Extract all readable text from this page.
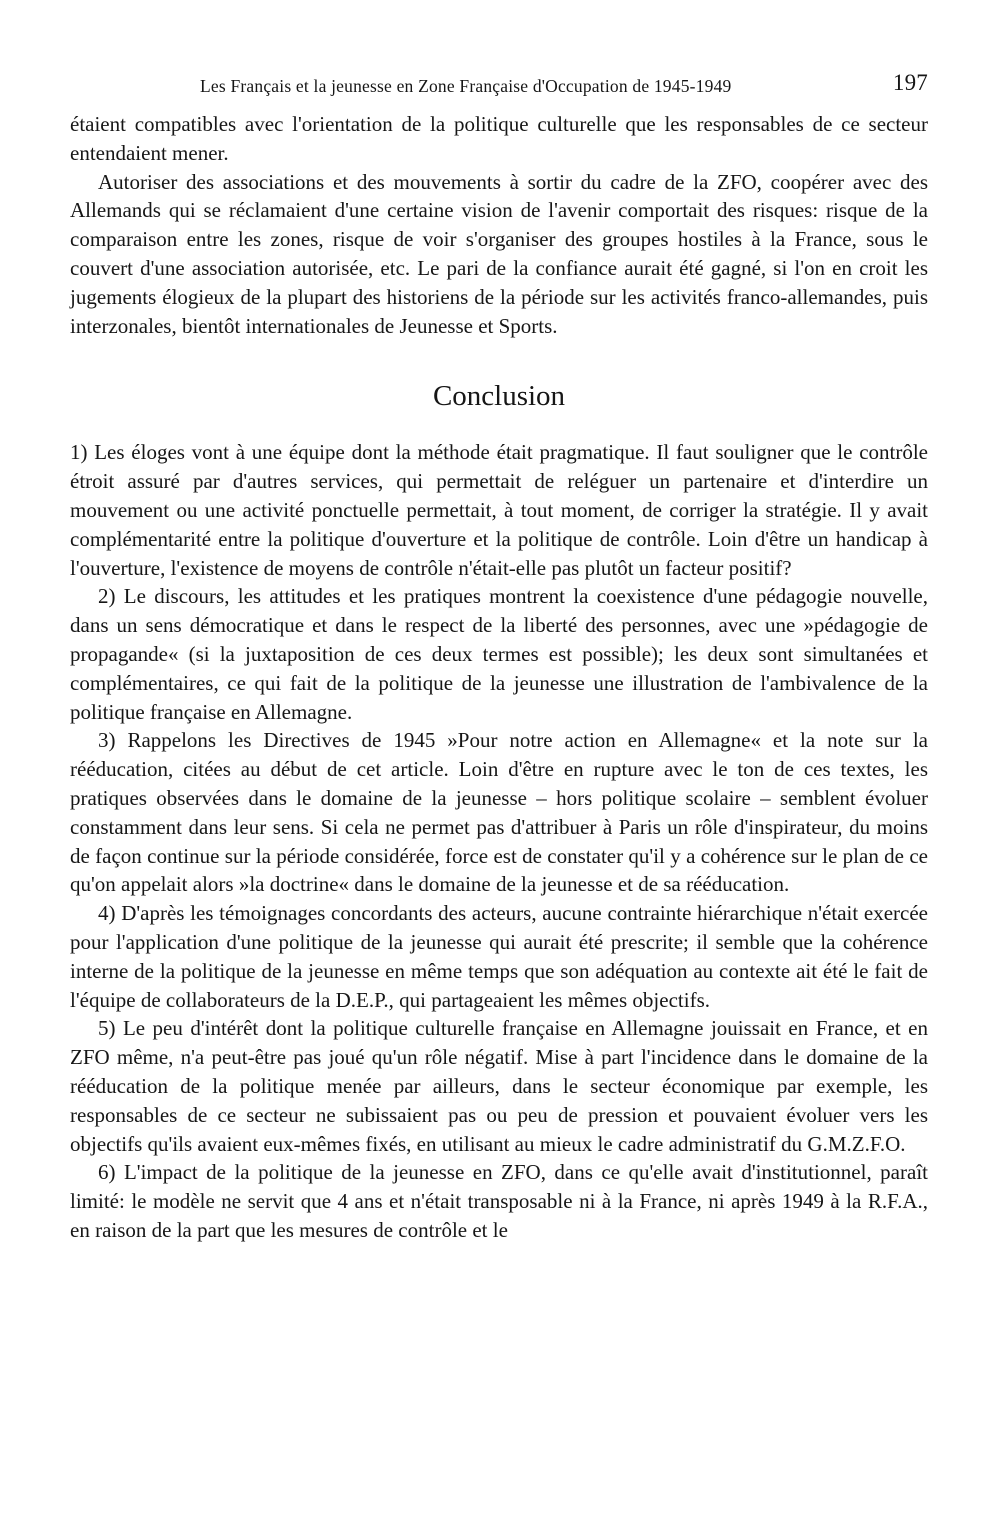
Les Français et la jeunesse en Zone Française d'Occupation de 1945-1949	197

étaient compatibles avec l'orientation de la politique culturelle que les responsables de ce secteur entendaient mener.

Autoriser des associations et des mouvements à sortir du cadre de la ZFO, coopérer avec des Allemands qui se réclamaient d'une certaine vision de l'avenir comportait des risques: risque de la comparaison entre les zones, risque de voir s'organiser des groupes hostiles à la France, sous le couvert d'une association autorisée, etc. Le pari de la confiance aurait été gagné, si l'on en croit les jugements élogieux de la plupart des historiens de la période sur les activités franco-allemandes, puis interzonales, bientôt internationales de Jeunesse et Sports.

Conclusion

1) Les éloges vont à une équipe dont la méthode était pragmatique. Il faut souligner que le contrôle étroit assuré par d'autres services, qui permettait de reléguer un partenaire et d'interdire un mouvement ou une activité ponctuelle permettait, à tout moment, de corriger la stratégie. Il y avait complémentarité entre la politique d'ouverture et la politique de contrôle. Loin d'être un handicap à l'ouverture, l'existence de moyens de contrôle n'était-elle pas plutôt un facteur positif?

2) Le discours, les attitudes et les pratiques montrent la coexistence d'une pédagogie nouvelle, dans un sens démocratique et dans le respect de la liberté des personnes, avec une »pédagogie de propagande« (si la juxtaposition de ces deux termes est possible); les deux sont simultanées et complémentaires, ce qui fait de la politique de la jeunesse une illustration de l'ambivalence de la politique française en Allemagne.

3) Rappelons les Directives de 1945 »Pour notre action en Allemagne« et la note sur la rééducation, citées au début de cet article. Loin d'être en rupture avec le ton de ces textes, les pratiques observées dans le domaine de la jeunesse – hors politique scolaire – semblent évoluer constamment dans leur sens. Si cela ne permet pas d'attribuer à Paris un rôle d'inspirateur, du moins de façon continue sur la période considérée, force est de constater qu'il y a cohérence sur le plan de ce qu'on appelait alors »la doctrine« dans le domaine de la jeunesse et de sa rééducation.

4) D'après les témoignages concordants des acteurs, aucune contrainte hiérarchique n'était exercée pour l'application d'une politique de la jeunesse qui aurait été prescrite; il semble que la cohérence interne de la politique de la jeunesse en même temps que son adéquation au contexte ait été le fait de l'équipe de collaborateurs de la D.E.P., qui partageaient les mêmes objectifs.

5) Le peu d'intérêt dont la politique culturelle française en Allemagne jouissait en France, et en ZFO même, n'a peut-être pas joué qu'un rôle négatif. Mise à part l'incidence dans le domaine de la rééducation de la politique menée par ailleurs, dans le secteur économique par exemple, les responsables de ce secteur ne subissaient pas ou peu de pression et pouvaient évoluer vers les objectifs qu'ils avaient eux-mêmes fixés, en utilisant au mieux le cadre administratif du G.M.Z.F.O.

6) L'impact de la politique de la jeunesse en ZFO, dans ce qu'elle avait d'institutionnel, paraît limité: le modèle ne servit que 4 ans et n'était transposable ni à la France, ni après 1949 à la R.F.A., en raison de la part que les mesures de contrôle et le
